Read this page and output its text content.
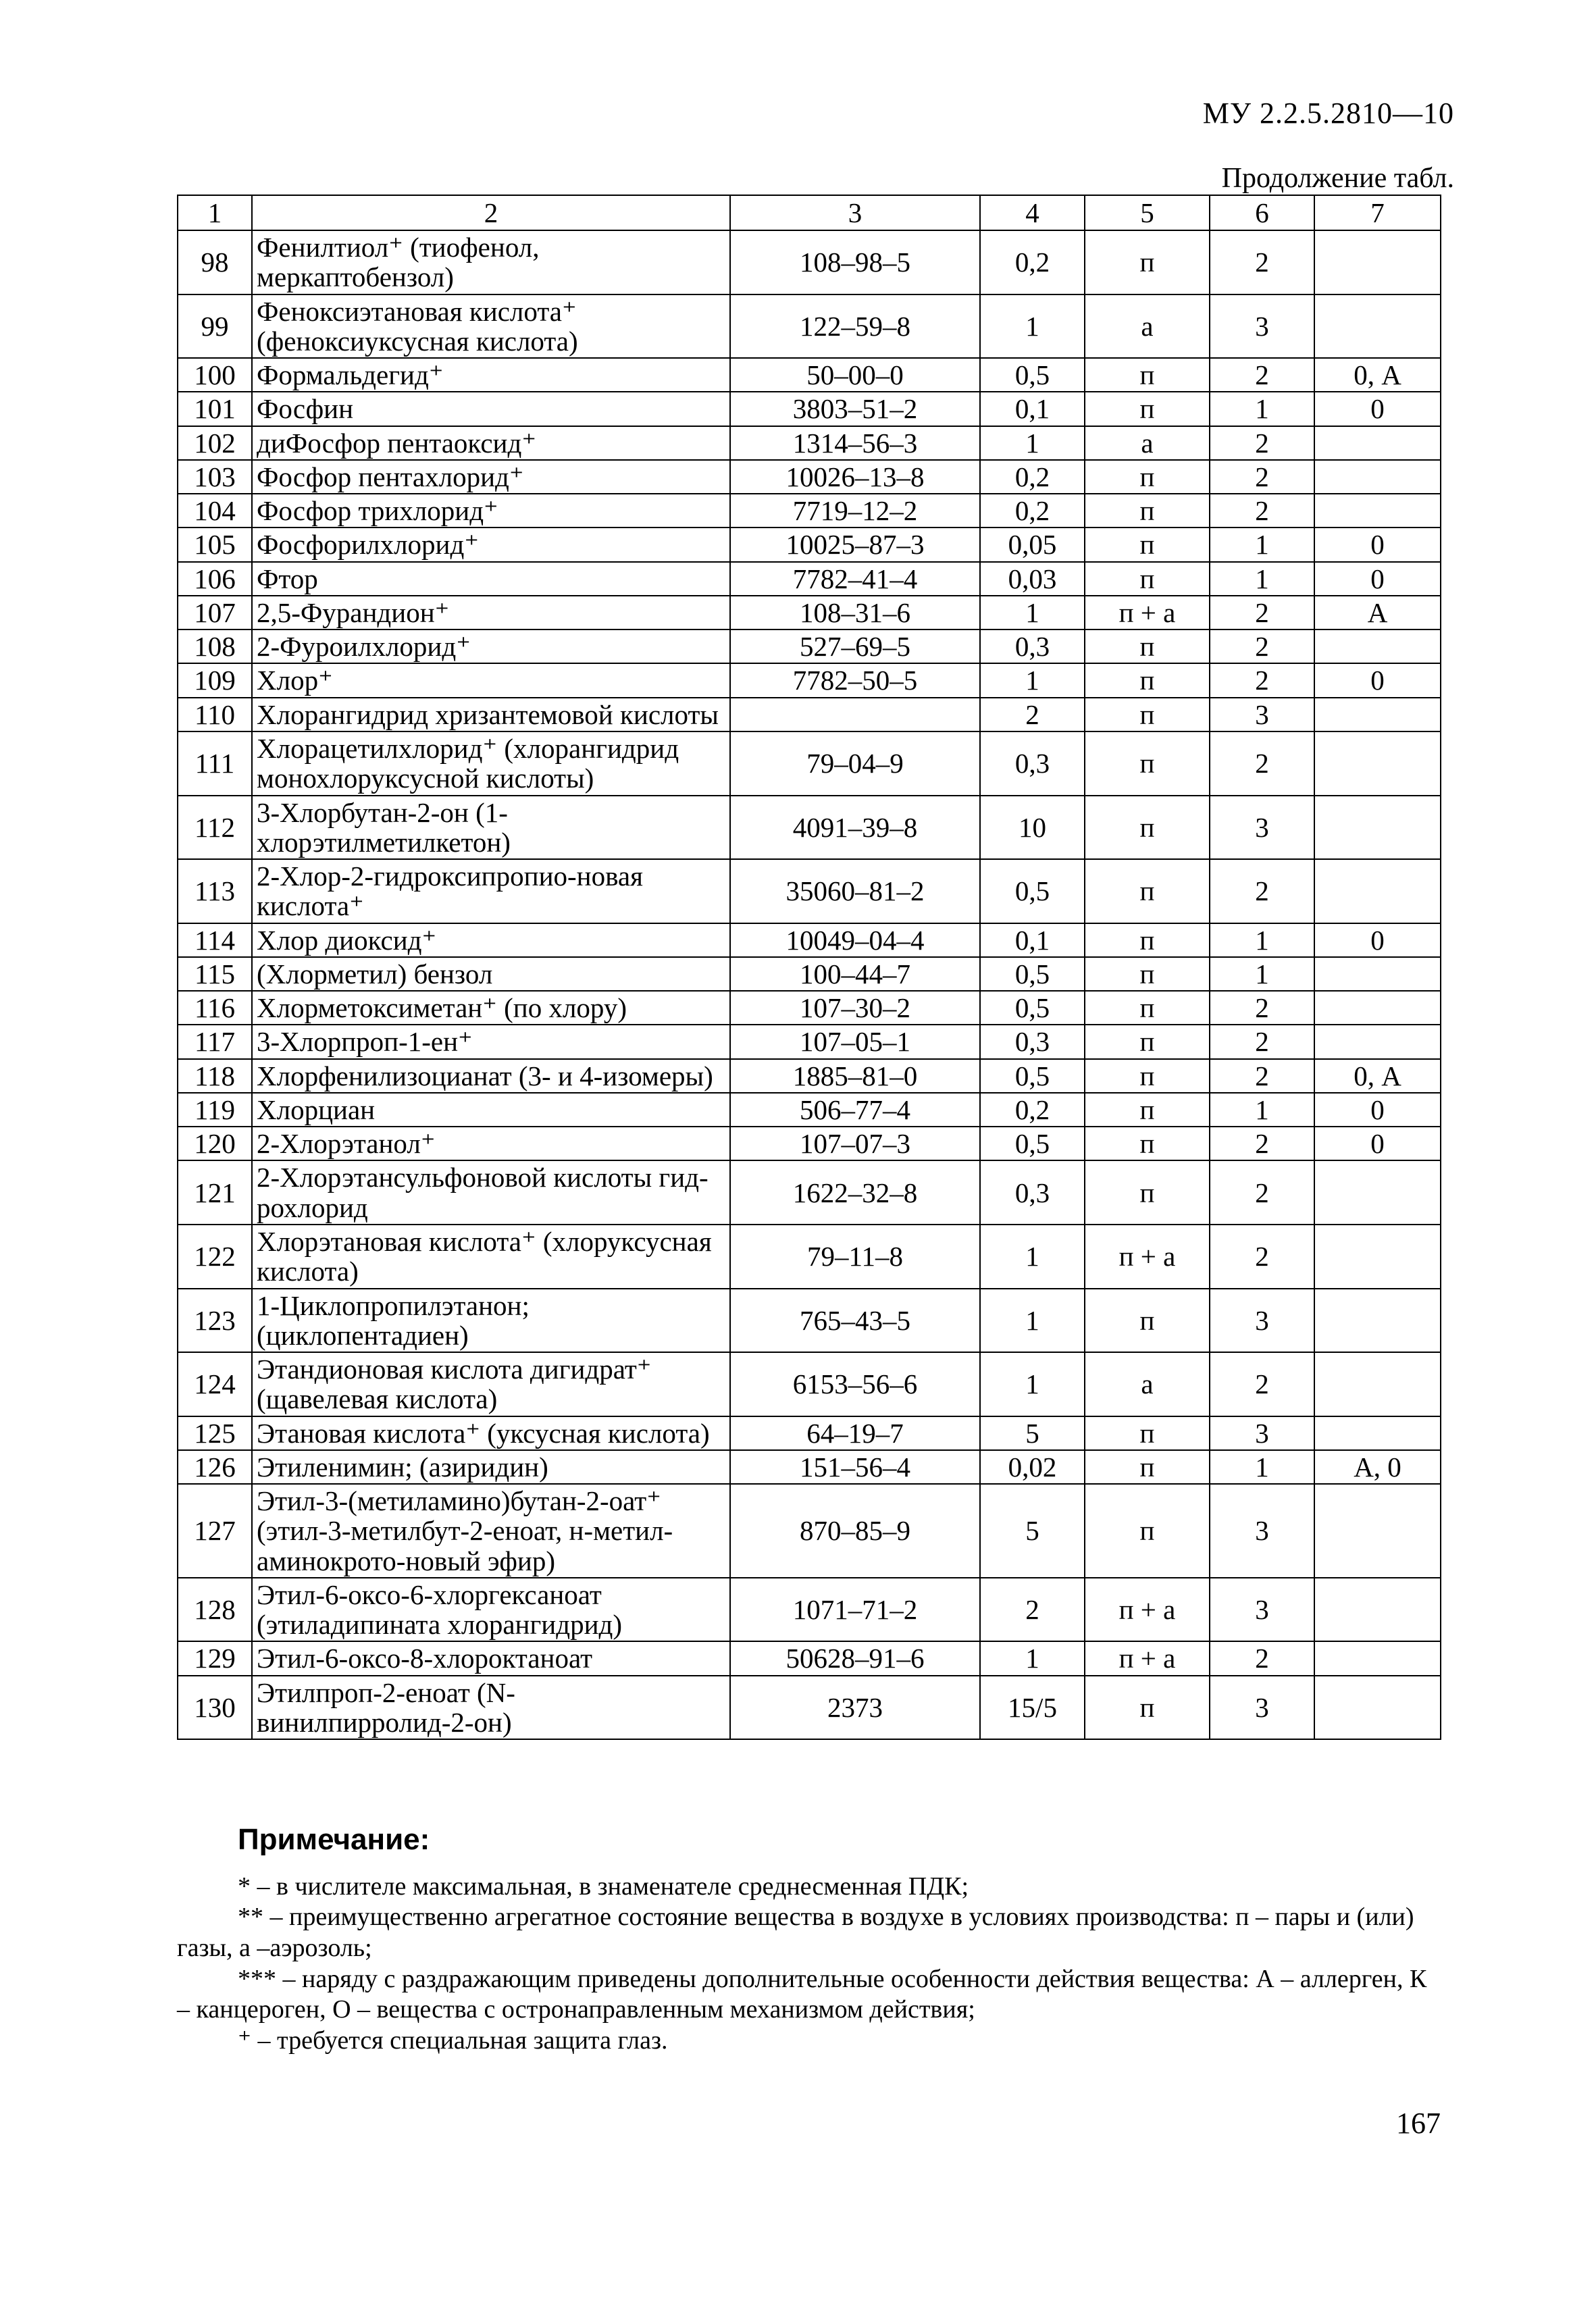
МУ 2.2.5.2810—10
Продолжение табл.
1	2	3	4	5	6	7
98	Фенилтиол⁺ (тиофенол, меркаптобензол)	108–98–5	0,2	п	2	
99	Феноксиэтановая кислота⁺ (феноксиуксусная кислота)	122–59–8	1	а	3	
100	Формальдегид⁺	50–00–0	0,5	п	2	0, А
101	Фосфин	3803–51–2	0,1	п	1	0
102	диФосфор пентаоксид⁺	1314–56–3	1	а	2	
103	Фосфор пентахлорид⁺	10026–13–8	0,2	п	2	
104	Фосфор трихлорид⁺	7719–12–2	0,2	п	2	
105	Фосфорилхлорид⁺	10025–87–3	0,05	п	1	0
106	Фтор	7782–41–4	0,03	п	1	0
107	2,5-Фурандион⁺	108–31–6	1	п + а	2	А
108	2-Фуроилхлорид⁺	527–69–5	0,3	п	2	
109	Хлор⁺	7782–50–5	1	п	2	0
110	Хлорангидрид хризантемовой кислоты		2	п	3	
111	Хлорацетилхлорид⁺ (хлорангидрид монохлоруксусной кислоты)	79–04–9	0,3	п	2	
112	3-Хлорбутан-2-он (1-хлорэтилметилкетон)	4091–39–8	10	п	3	
113	2-Хлор-2-гидроксипропио-новая кислота⁺	35060–81–2	0,5	п	2	
114	Хлор диоксид⁺	10049–04–4	0,1	п	1	0
115	(Хлорметил) бензол	100–44–7	0,5	п	1	
116	Хлорметоксиметан⁺ (по хлору)	107–30–2	0,5	п	2	
117	3-Хлорпроп-1-ен⁺	107–05–1	0,3	п	2	
118	Хлорфенилизоцианат (3- и 4-изомеры)	1885–81–0	0,5	п	2	0, А
119	Хлорциан	506–77–4	0,2	п	1	0
120	2-Хлорэтанол⁺	107–07–3	0,5	п	2	0
121	2-Хлорэтансульфоновой кислоты гид-рохлорид	1622–32–8	0,3	п	2	
122	Хлорэтановая кислота⁺ (хлоруксусная кислота)	79–11–8	1	п + а	2	
123	1-Циклопропилэтанон; (циклопентадиен)	765–43–5	1	п	3	
124	Этандионовая кислота дигидрат⁺ (щавелевая кислота)	6153–56–6	1	а	2	
125	Этановая кислота⁺ (уксусная кислота)	64–19–7	5	п	3	
126	Этиленимин; (азиридин)	151–56–4	0,02	п	1	А, 0
127	Этил-3-(метиламино)бутан-2-оат⁺ (этил-3-метилбут-2-еноат, н-метил-аминокрото-новый эфир)	870–85–9	5	п	3	
128	Этил-6-оксо-6-хлоргексаноат (этиладипината хлорангидрид)	1071–71–2	2	п + а	3	
129	Этил-6-оксо-8-хлороктаноат	50628–91–6	1	п + а	2	
130	Этилпроп-2-еноат (N-винилпирролид-2-он)	2373	15/5	п	3	
Примечание:

* – в числителе максимальная, в знаменателе среднесменная ПДК;

** – преимущественно агрегатное состояние вещества в воздухе в условиях производства: п – пары и (или) газы, а –аэрозоль;

*** – наряду с раздражающим приведены дополнительные особенности действия вещества: А – аллерген, К – канцероген, О – вещества с остронаправленным механизмом действия;

⁺ – требуется специальная защита глаз.

167
